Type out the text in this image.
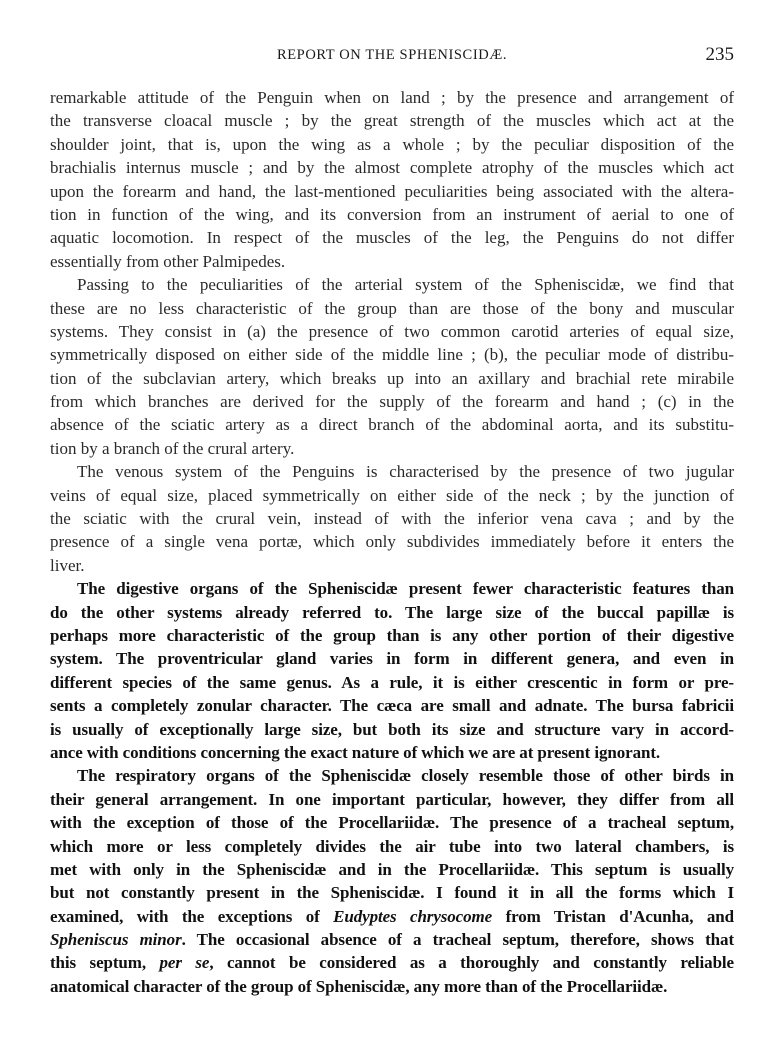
REPORT ON THE SPHENISCIDÆ.	235
remarkable attitude of the Penguin when on land ; by the presence and arrangement of
the transverse cloacal muscle ; by the great strength of the muscles which act at the
shoulder joint, that is, upon the wing as a whole ; by the peculiar disposition of the
brachialis internus muscle ; and by the almost complete atrophy of the muscles which act
upon the forearm and hand, the last-mentioned peculiarities being associated with the altera-
tion in function of the wing, and its conversion from an instrument of aerial to one of
aquatic locomotion. In respect of the muscles of the leg, the Penguins do not differ
essentially from other Palmipedes.
Passing to the peculiarities of the arterial system of the Spheniscidæ, we find that
these are no less characteristic of the group than are those of the bony and muscular
systems. They consist in (a) the presence of two common carotid arteries of equal size,
symmetrically disposed on either side of the middle line ; (b), the peculiar mode of distribu-
tion of the subclavian artery, which breaks up into an axillary and brachial rete mirabile
from which branches are derived for the supply of the forearm and hand ; (c) in the
absence of the sciatic artery as a direct branch of the abdominal aorta, and its substitu-
tion by a branch of the crural artery.
The venous system of the Penguins is characterised by the presence of two jugular
veins of equal size, placed symmetrically on either side of the neck ; by the junction of
the sciatic with the crural vein, instead of with the inferior vena cava ; and by the
presence of a single vena portæ, which only subdivides immediately before it enters the
liver.
The digestive organs of the Spheniscidæ present fewer characteristic features than
do the other systems already referred to. The large size of the buccal papillæ is
perhaps more characteristic of the group than is any other portion of their digestive
system. The proventricular gland varies in form in different genera, and even in
different species of the same genus. As a rule, it is either crescentic in form or pre-
sents a completely zonular character. The cæca are small and adnate. The bursa fabricii
is usually of exceptionally large size, but both its size and structure vary in accord-
ance with conditions concerning the exact nature of which we are at present ignorant.
The respiratory organs of the Spheniscidæ closely resemble those of other birds in
their general arrangement. In one important particular, however, they differ from all
with the exception of those of the Procellariidæ. The presence of a tracheal septum,
which more or less completely divides the air tube into two lateral chambers, is
met with only in the Spheniscidæ and in the Procellariidæ. This septum is usually
but not constantly present in the Spheniscidæ. I found it in all the forms which I
examined, with the exceptions of Eudyptes chrysocome from Tristan d'Acunha, and
Spheniscus minor. The occasional absence of a tracheal septum, therefore, shows that
this septum, per se, cannot be considered as a thoroughly and constantly reliable
anatomical character of the group of Spheniscidæ, any more than of the Procellariidæ.
